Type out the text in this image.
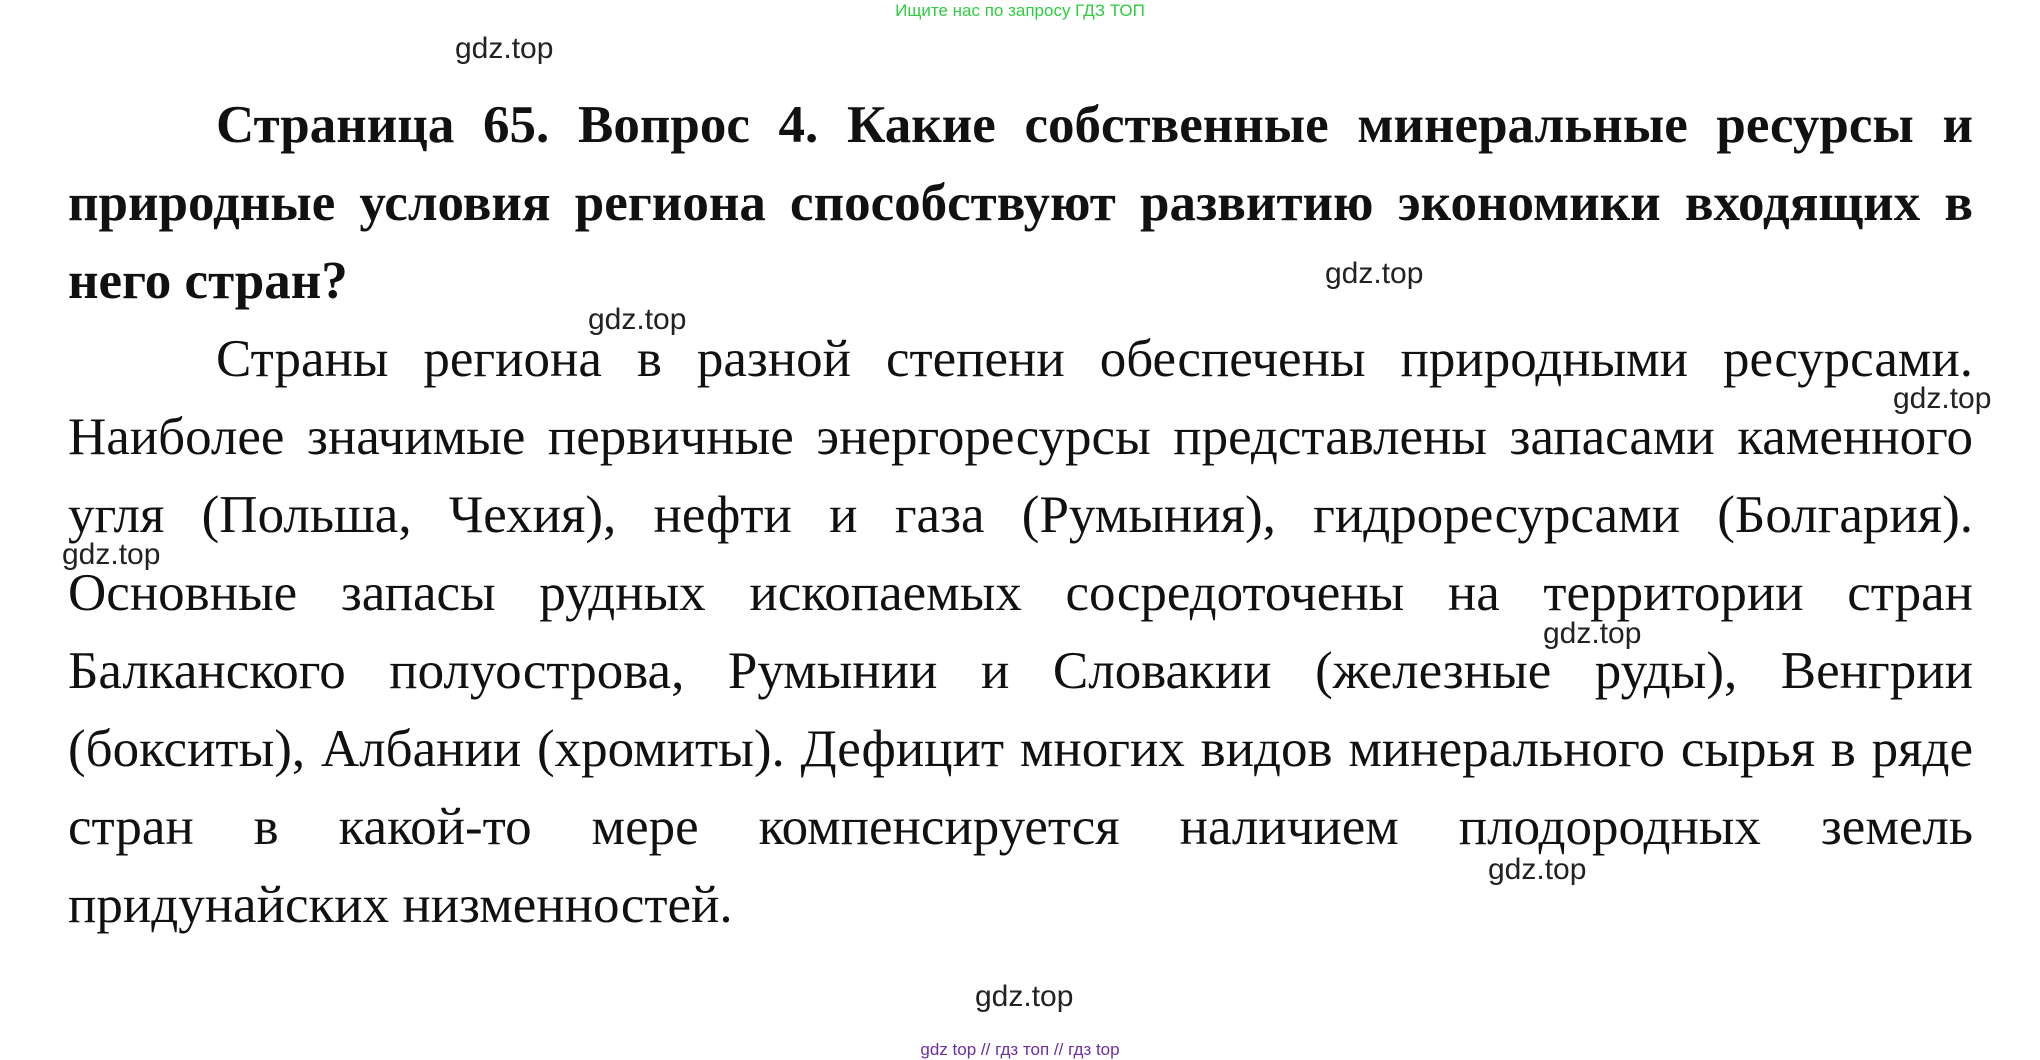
Ищите нас по запросу ГДЗ ТОП

Страница 65. Вопрос 4. Какие собственные минеральные ресурсы и природные условия региона способствуют развитию экономики входящих в него стран?

Страны региона в разной степени обеспечены природными ресурсами. Наиболее значимые первичные энергоресурсы представлены запасами каменного угля (Польша, Чехия), нефти и газа (Румыния), гидроресурсами (Болгария). Основные запасы рудных ископаемых сосредоточены на территории стран Балканского полуострова, Румынии и Словакии (железные руды), Венгрии (бокситы), Албании (хромиты). Дефицит многих видов минерального сырья в ряде стран в какой-то мере компенсируется наличием плодородных земель придунайских низменностей.

gdz.top
gdz.top
gdz.top
gdz.top
gdz.top
gdz.top
gdz.top
gdz.top
gdz top // гдз топ // гдз top
